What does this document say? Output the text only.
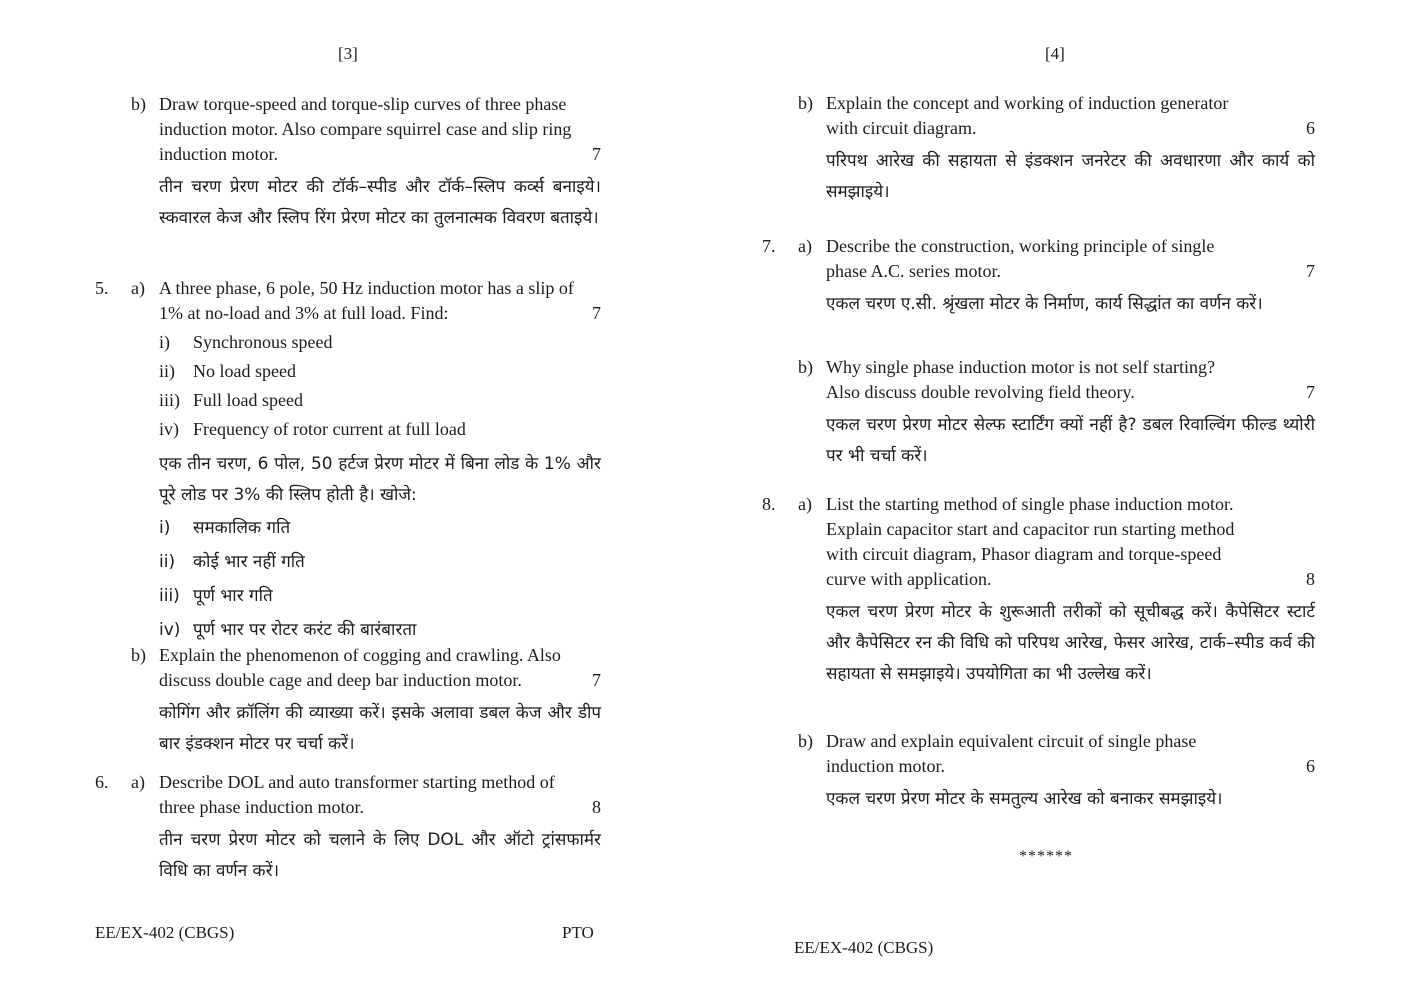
[3]
b) Draw torque-speed and torque-slip curves of three phase
induction motor. Also compare squirrel case and slip ring
induction motor.	7
तीन चरण प्रेरण मोटर की टॉर्क–स्पीड और टॉर्क–स्लिप कर्व्स बनाइये। स्कवारल केज और स्लिप रिंग प्रेरण मोटर का तुलनात्मक विवरण बताइये।
5.	a) A three phase, 6 pole, 50 Hz induction motor has a slip of
1% at no-load and 3% at full load. Find:	7
i)	Synchronous speed
ii)	No load speed
iii) Full load speed
iv) Frequency of rotor current at full load
एक तीन चरण, 6 पोल, 50 हर्टज प्रेरण मोटर में बिना लोड के 1% और पूरे लोड पर 3% की स्लिप होती है। खोजे:
i)	समकालिक गति
ii)	कोई भार नहीं गति
iii) पूर्ण भार गति
iv) पूर्ण भार पर रोटर करंट की बारंबारता
b) Explain the phenomenon of cogging and crawling. Also
discuss double cage and deep bar induction motor.	7
कोगिंग और क्रॉलिंग की व्याख्या करें। इसके अलावा डबल केज और डीप बार इंडक्शन मोटर पर चर्चा करें।
6.	a) Describe DOL and auto transformer starting method of
three phase induction motor.	8
तीन चरण प्रेरण मोटर को चलाने के लिए DOL और ऑटो ट्रांसफार्मर विधि का वर्णन करें।
EE/EX-402 (CBGS)	PTO
[4]
b) Explain the concept and working of induction generator
with circuit diagram.	6
परिपथ आरेख की सहायता से इंडक्शन जनरेटर की अवधारणा और कार्य को समझाइये।
7.	a) Describe the construction, working principle of single
phase A.C. series motor.	7
एकल चरण ए.सी. श्रृंखला मोटर के निर्माण, कार्य सिद्धांत का वर्णन करें।
b) Why single phase induction motor is not self starting?
Also discuss double revolving field theory.	7
एकल चरण प्रेरण मोटर सेल्फ स्टार्टिंग क्यों नहीं है? डबल रिवाल्विंग फील्ड थ्योरी पर भी चर्चा करें।
8.	a) List the starting method of single phase induction motor.
Explain capacitor start and capacitor run starting method
with circuit diagram, Phasor diagram and torque-speed
curve with application.	8
एकल चरण प्रेरण मोटर के शुरूआती तरीकों को सूचीबद्ध करें। कैपेसिटर स्टार्ट और कैपेसिटर रन की विधि को परिपथ आरेख, फेसर आरेख, टार्क–स्पीड कर्व की सहायता से समझाइये। उपयोगिता का भी उल्लेख करें।
b) Draw and explain equivalent circuit of single phase
induction motor.	6
एकल चरण प्रेरण मोटर के समतुल्य आरेख को बनाकर समझाइये।
******
EE/EX-402 (CBGS)
